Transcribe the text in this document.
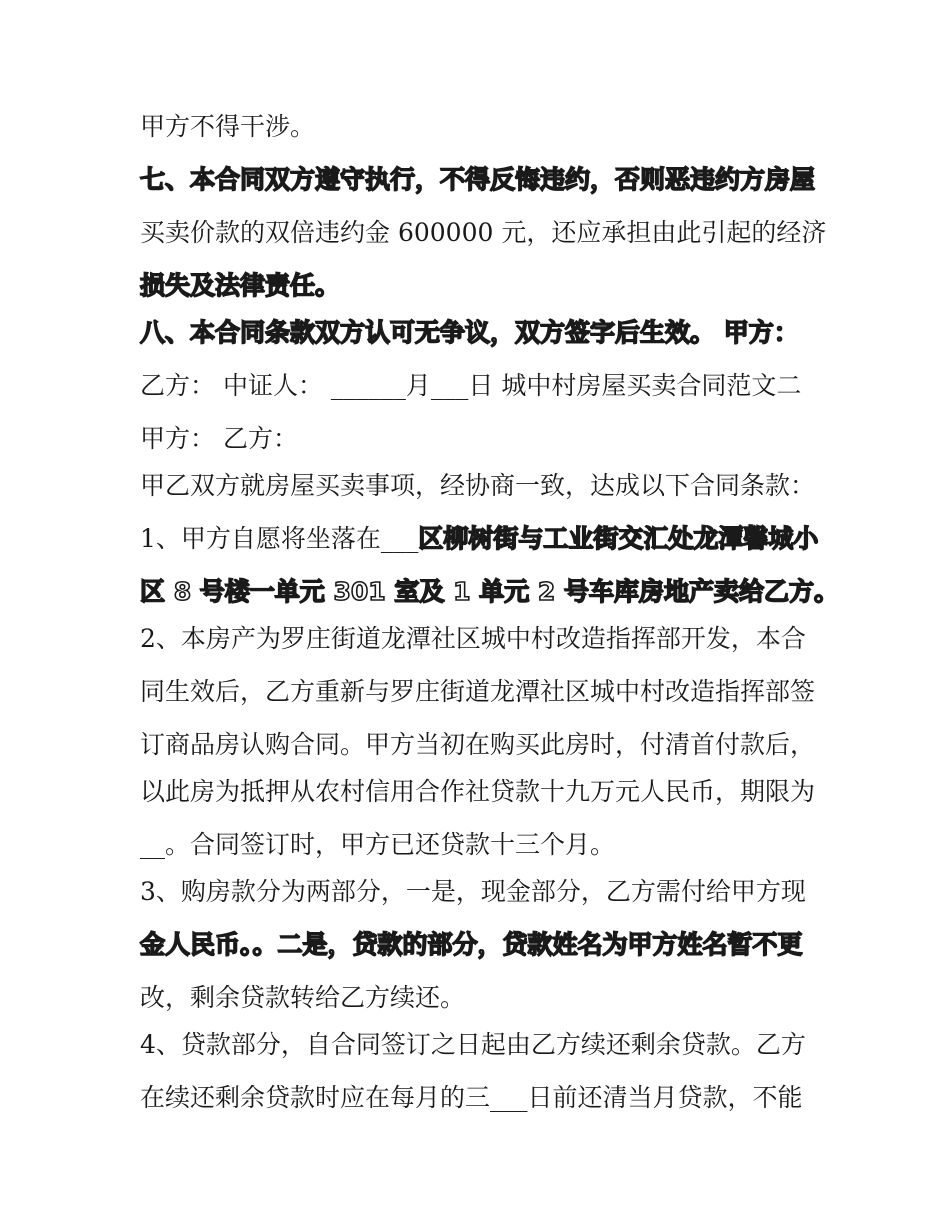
甲方不得干涉。
七、本合同双方遵守执行，不得反悔违约，否则恶违约方房屋
买卖价款的双倍违约金 600000 元，还应承担由此引起的经济
损失及法律责任。
八、本合同条款双方认可无争议，双方签字后生效。 甲方：
乙方： 中证人： ______月___日 城中村房屋买卖合同范文二
甲方： 乙方：
甲乙双方就房屋买卖事项，经协商一致，达成以下合同条款：
1、甲方自愿将坐落在___区柳树街与工业街交汇处龙潭馨城小
区 8 号楼一单元 301 室及 1 单元 2 号车库房地产卖给乙方。
2、本房产为罗庄街道龙潭社区城中村改造指挥部开发，本合
同生效后，乙方重新与罗庄街道龙潭社区城中村改造指挥部签
订商品房认购合同。甲方当初在购买此房时，付清首付款后，
以此房为抵押从农村信用合作社贷款十九万元人民币，期限为
__。合同签订时，甲方已还贷款十三个月。
3、购房款分为两部分，一是，现金部分，乙方需付给甲方现
金人民币。。二是，贷款的部分，贷款姓名为甲方姓名暂不更
改，剩余贷款转给乙方续还。
4、贷款部分，自合同签订之日起由乙方续还剩余贷款。乙方
在续还剩余贷款时应在每月的三___日前还清当月贷款，不能
